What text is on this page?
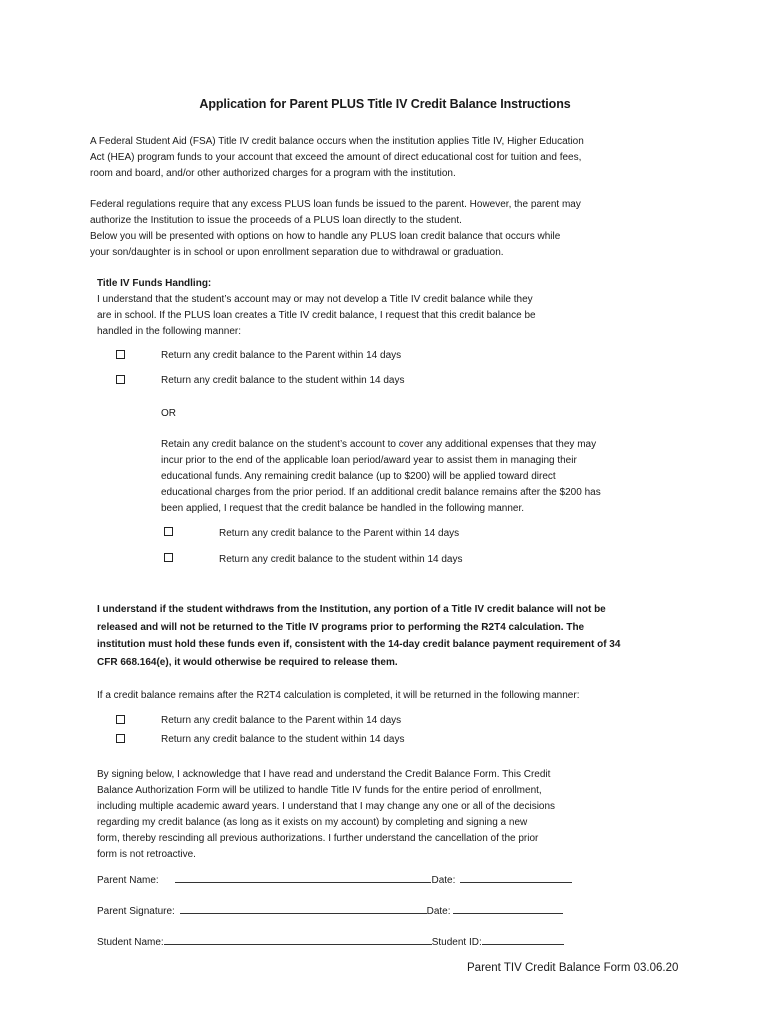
Application for Parent PLUS Title IV Credit Balance Instructions
A Federal Student Aid (FSA) Title IV credit balance occurs when the institution applies Title IV, Higher Education
Act (HEA) program funds to your account that exceed the amount of direct educational cost for tuition and fees,
room and board, and/or other authorized charges for a program with the institution.
Federal regulations require that any excess PLUS loan funds be issued to the parent. However, the parent may
authorize the Institution to issue the proceeds of a PLUS loan directly to the student.
Below you will be presented with options on how to handle any PLUS loan credit balance that occurs while
your son/daughter is in school or upon enrollment separation due to withdrawal or graduation.
Title IV Funds Handling:
I understand that the student’s account may or may not develop a Title IV credit balance while they
are in school. If the PLUS loan creates a Title IV credit balance, I request that this credit balance be
handled in the following manner:
Return any credit balance to the Parent within 14 days
Return any credit balance to the student within 14 days
OR
Retain any credit balance on the student’s account to cover any additional expenses that they may
incur prior to the end of the applicable loan period/award year to assist them in managing their
educational funds. Any remaining credit balance (up to $200) will be applied toward direct
educational charges from the prior period. If an additional credit balance remains after the $200 has
been applied, I request that the credit balance be handled in the following manner.
Return any credit balance to the Parent within 14 days
Return any credit balance to the student within 14 days
I understand if the student withdraws from the Institution, any portion of a Title IV credit balance will not be
released and will not be returned to the Title IV programs prior to performing the R2T4 calculation. The
institution must hold these funds even if, consistent with the 14-day credit balance payment requirement of 34
CFR 668.164(e), it would otherwise be required to release them.
If a credit balance remains after the R2T4 calculation is completed, it will be returned in the following manner:
Return any credit balance to the Parent within 14 days
Return any credit balance to the student within 14 days
By signing below, I acknowledge that I have read and understand the Credit Balance Form. This Credit
Balance Authorization Form will be utilized to handle Title IV funds for the entire period of enrollment,
including multiple academic award years. I understand that I may change any one or all of the decisions
regarding my credit balance (as long as it exists on my account) by completing and signing a new
form, thereby rescinding all previous authorizations. I further understand the cancellation of the prior
form is not retroactive.
Parent Name:	Date:
Parent Signature:	Date:
Student Name:	Student ID:
Parent TIV Credit Balance Form 03.06.20
